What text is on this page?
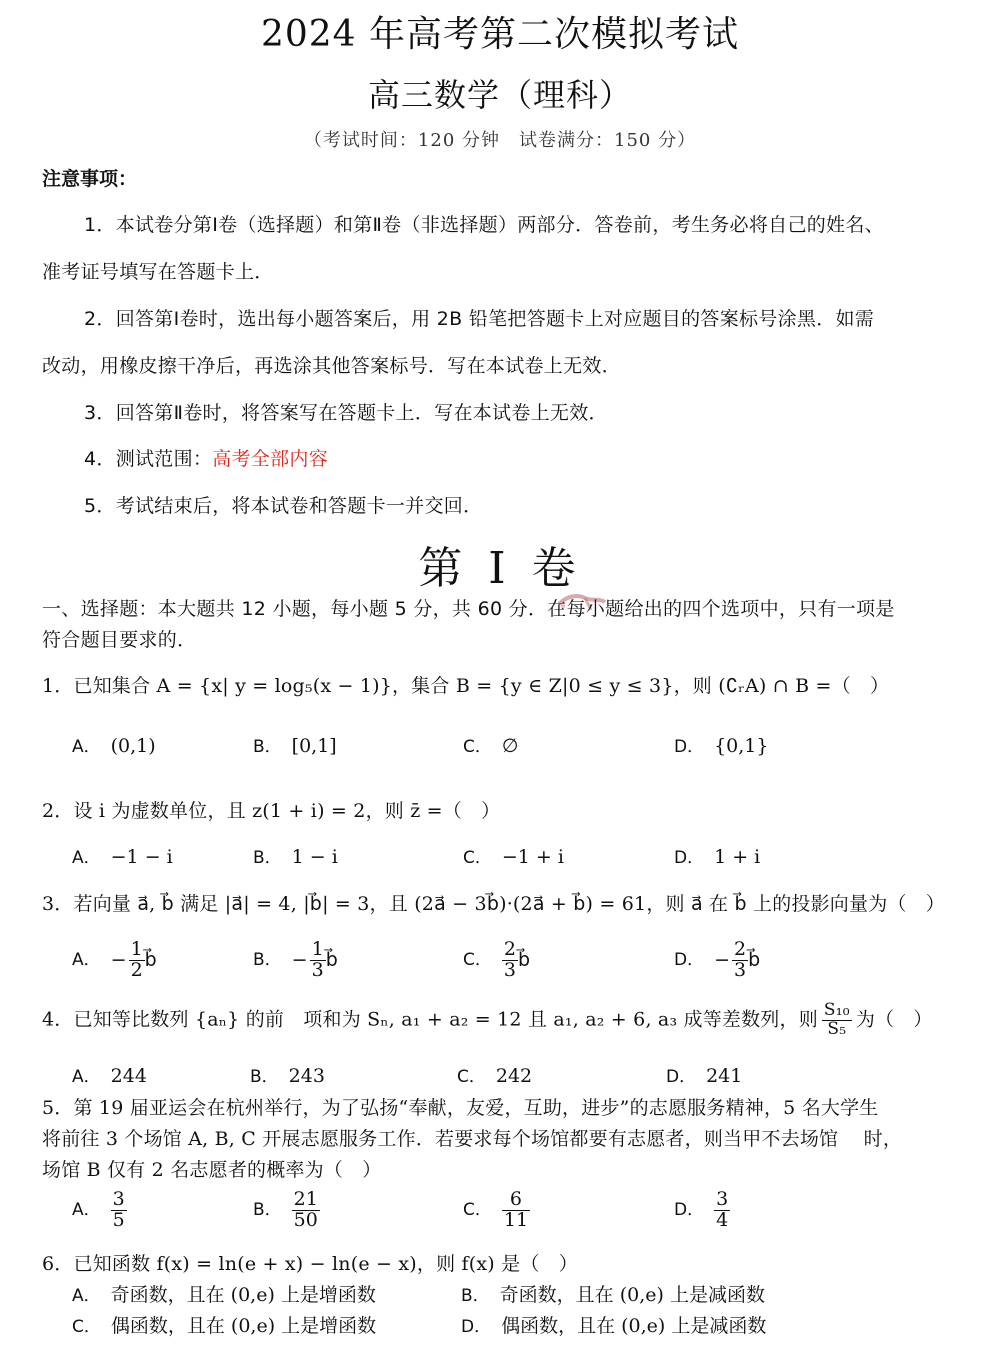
2024 年高考第二次模拟考试
高三数学（理科）
（考试时间：120 分钟　试卷满分：150 分）
注意事项：
1．本试卷分第Ⅰ卷（选择题）和第Ⅱ卷（非选择题）两部分．答卷前，考生务必将自己的姓名、
准考证号填写在答题卡上．
2．回答第Ⅰ卷时，选出每小题答案后，用 2B 铅笔把答题卡上对应题目的答案标号涂黑．如需
改动，用橡皮擦干净后，再选涂其他答案标号．写在本试卷上无效．
3．回答第Ⅱ卷时，将答案写在答题卡上．写在本试卷上无效．
4．测试范围：高考全部内容
5．考试结束后，将本试卷和答题卡一并交回．
第 I 卷
一、选择题：本大题共 12 小题，每小题 5 分，共 60 分．在每小题给出的四个选项中，只有一项是
符合题目要求的．
1．已知集合 A = {x| y = log₅(x − 1)}，集合 B = {y ∈ Z|0 ≤ y ≤ 3}，则 (∁ᵣA) ∩ B =（　）
A． (0,1)	B． [0,1]	C． ∅	D． {0,1}
2．设 i 为虚数单位，且 z(1 + i) = 2，则 z̄ =（　）
A． −1 − i	B． 1 − i	C． −1 + i	D． 1 + i
3．若向量 a⃗, b⃗ 满足 |a⃗| = 4, |b⃗| = 3，且 (2a⃗ − 3b⃗)·(2a⃗ + b⃗) = 61，则 a⃗ 在 b⃗ 上的投影向量为（　）
A． − $\frac{1}{2}$ b⃗	B． − $\frac{1}{3}$ b⃗	C． $\frac{2}{3}$ b⃗	D． − $\frac{2}{3}$ b⃗
4．已知等比数列 {aₙ} 的前　项和为 Sₙ, a₁ + a₂ = 12 且 a₁, a₂ + 6, a₃ 成等差数列，则 $\frac{\text{S₁₀}}{\text{S₅}}$ 为（　）
A． 244	B． 243	C． 242	D． 241
5．第 19 届亚运会在杭州举行，为了弘扬“奉献，友爱，互助，进步”的志愿服务精神，5 名大学生
将前往 3 个场馆 A, B, C 开展志愿服务工作．若要求每个场馆都要有志愿者，则当甲不去场馆　 时，
场馆 B 仅有 2 名志愿者的概率为（　）
A． $\frac{3}{5}$	B． $\frac{21}{50}$	C． $\frac{6}{11}$	D． $\frac{3}{4}$
6．已知函数 f(x) = ln(e + x) − ln(e − x)，则 f(x) 是（　）
A． 奇函数，且在 (0,e) 上是增函数	B． 奇函数，且在 (0,e) 上是减函数
C． 偶函数，且在 (0,e) 上是增函数	D． 偶函数，且在 (0,e) 上是减函数
